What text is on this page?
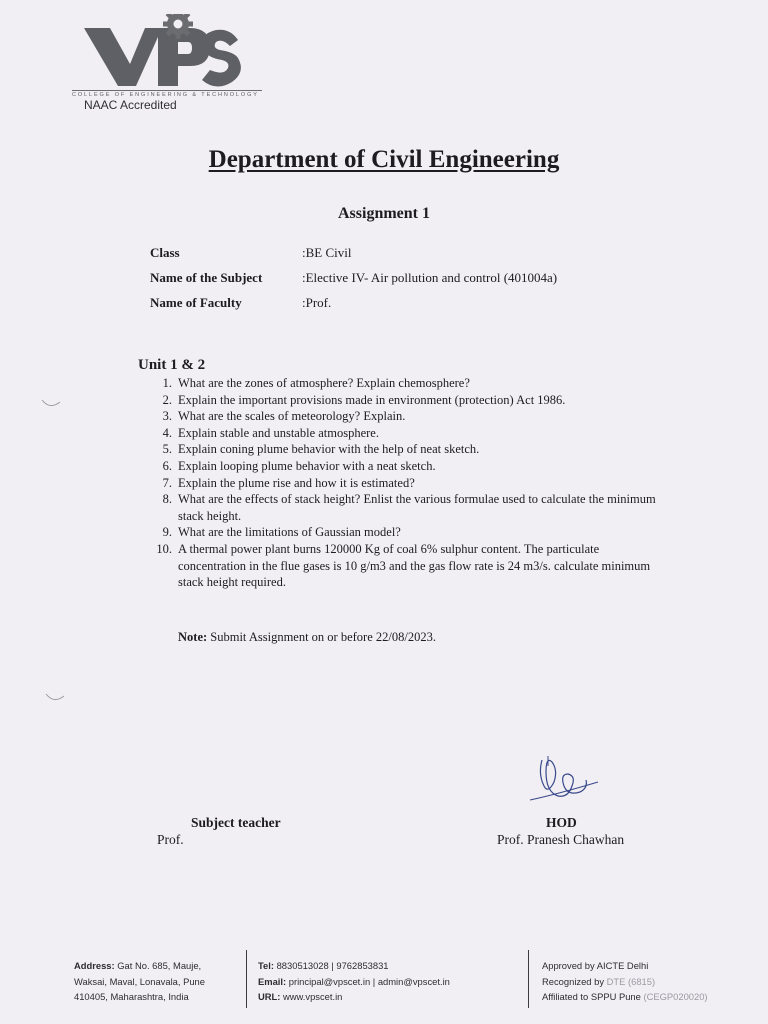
COLLEGE OF ENGINEERING & TECHNOLOGY
NAAC Accredited
Department of Civil Engineering
Assignment 1
Class	:BE Civil
Name of the Subject	:Elective IV- Air pollution and control (401004a)
Name of Faculty	:Prof.
Unit 1 & 2
1. What are the zones of atmosphere? Explain chemosphere?
2. Explain the important provisions made in environment (protection) Act 1986.
3. What are the scales of meteorology? Explain.
4. Explain stable and unstable atmosphere.
5. Explain coning plume behavior with the help of neat sketch.
6. Explain looping plume behavior with a neat sketch.
7. Explain the plume rise and how it is estimated?
8. What are the effects of stack height? Enlist the various formulae used to calculate the minimum stack height.
9. What are the limitations of Gaussian model?
10. A thermal power plant burns 120000 Kg of coal 6% sulphur content. The particulate concentration in the flue gases is 10 g/m3 and the gas flow rate is 24 m3/s. calculate minimum stack height required.
Note: Submit Assignment on or before 22/08/2023.
Subject teacher
Prof.
HOD
Prof. Pranesh Chawhan
Address: Gat No. 685, Mauje,
Waksai, Maval, Lonavala, Pune
410405, Maharashtra, India
Tel: 8830513028 | 9762853831
Email: principal@vpscet.in | admin@vpscet.in
URL: www.vpscet.in
Approved by AICTE Delhi
Recognized by DTE (6815)
Affiliated to SPPU Pune (CEGP020020)
